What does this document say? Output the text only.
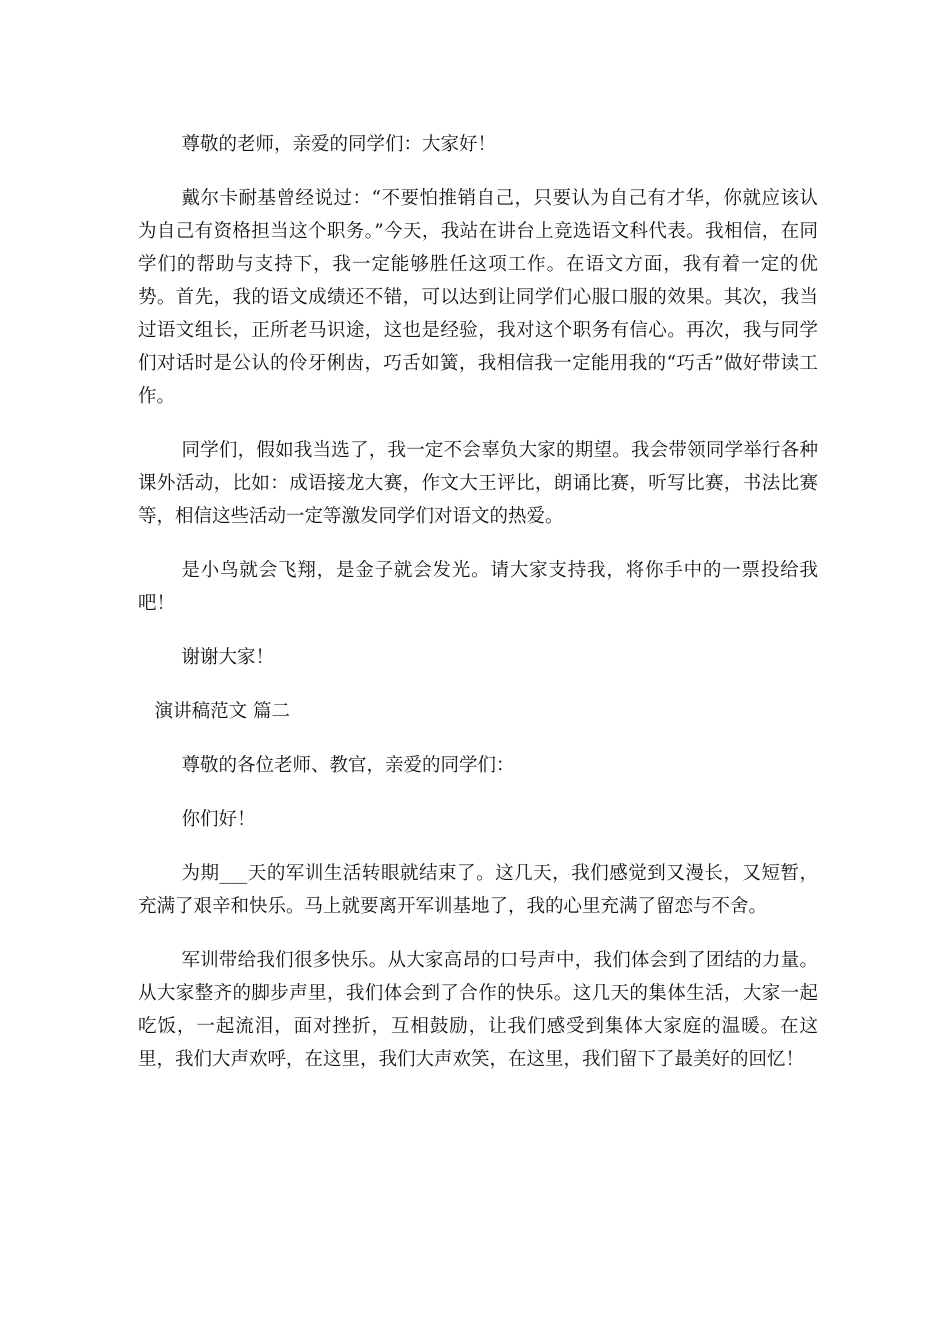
尊敬的老师，亲爱的同学们：大家好！

戴尔卡耐基曾经说过：“不要怕推销自己，只要认为自己有才华，你就应该认为自己有资格担当这个职务。”今天，我站在讲台上竞选语文科代表。我相信，在同学们的帮助与支持下，我一定能够胜任这项工作。在语文方面，我有着一定的优势。首先，我的语文成绩还不错，可以达到让同学们心服口服的效果。其次，我当过语文组长，正所老马识途，这也是经验，我对这个职务有信心。再次，我与同学们对话时是公认的伶牙俐齿，巧舌如簧，我相信我一定能用我的“巧舌”做好带读工作。

同学们，假如我当选了，我一定不会辜负大家的期望。我会带领同学举行各种课外活动，比如：成语接龙大赛，作文大王评比，朗诵比赛，听写比赛，书法比赛等，相信这些活动一定等激发同学们对语文的热爱。

是小鸟就会飞翔，是金子就会发光。请大家支持我，将你手中的一票投给我吧！

谢谢大家！

演讲稿范文 篇二

尊敬的各位老师、教官，亲爱的同学们：

你们好！

为期___天的军训生活转眼就结束了。这几天，我们感觉到又漫长，又短暂，充满了艰辛和快乐。马上就要离开军训基地了，我的心里充满了留恋与不舍。

军训带给我们很多快乐。从大家高昂的口号声中，我们体会到了团结的力量。从大家整齐的脚步声里，我们体会到了合作的快乐。这几天的集体生活，大家一起吃饭，一起流泪，面对挫折，互相鼓励，让我们感受到集体大家庭的温暖。在这里，我们大声欢呼，在这里，我们大声欢笑，在这里，我们留下了最美好的回忆！
